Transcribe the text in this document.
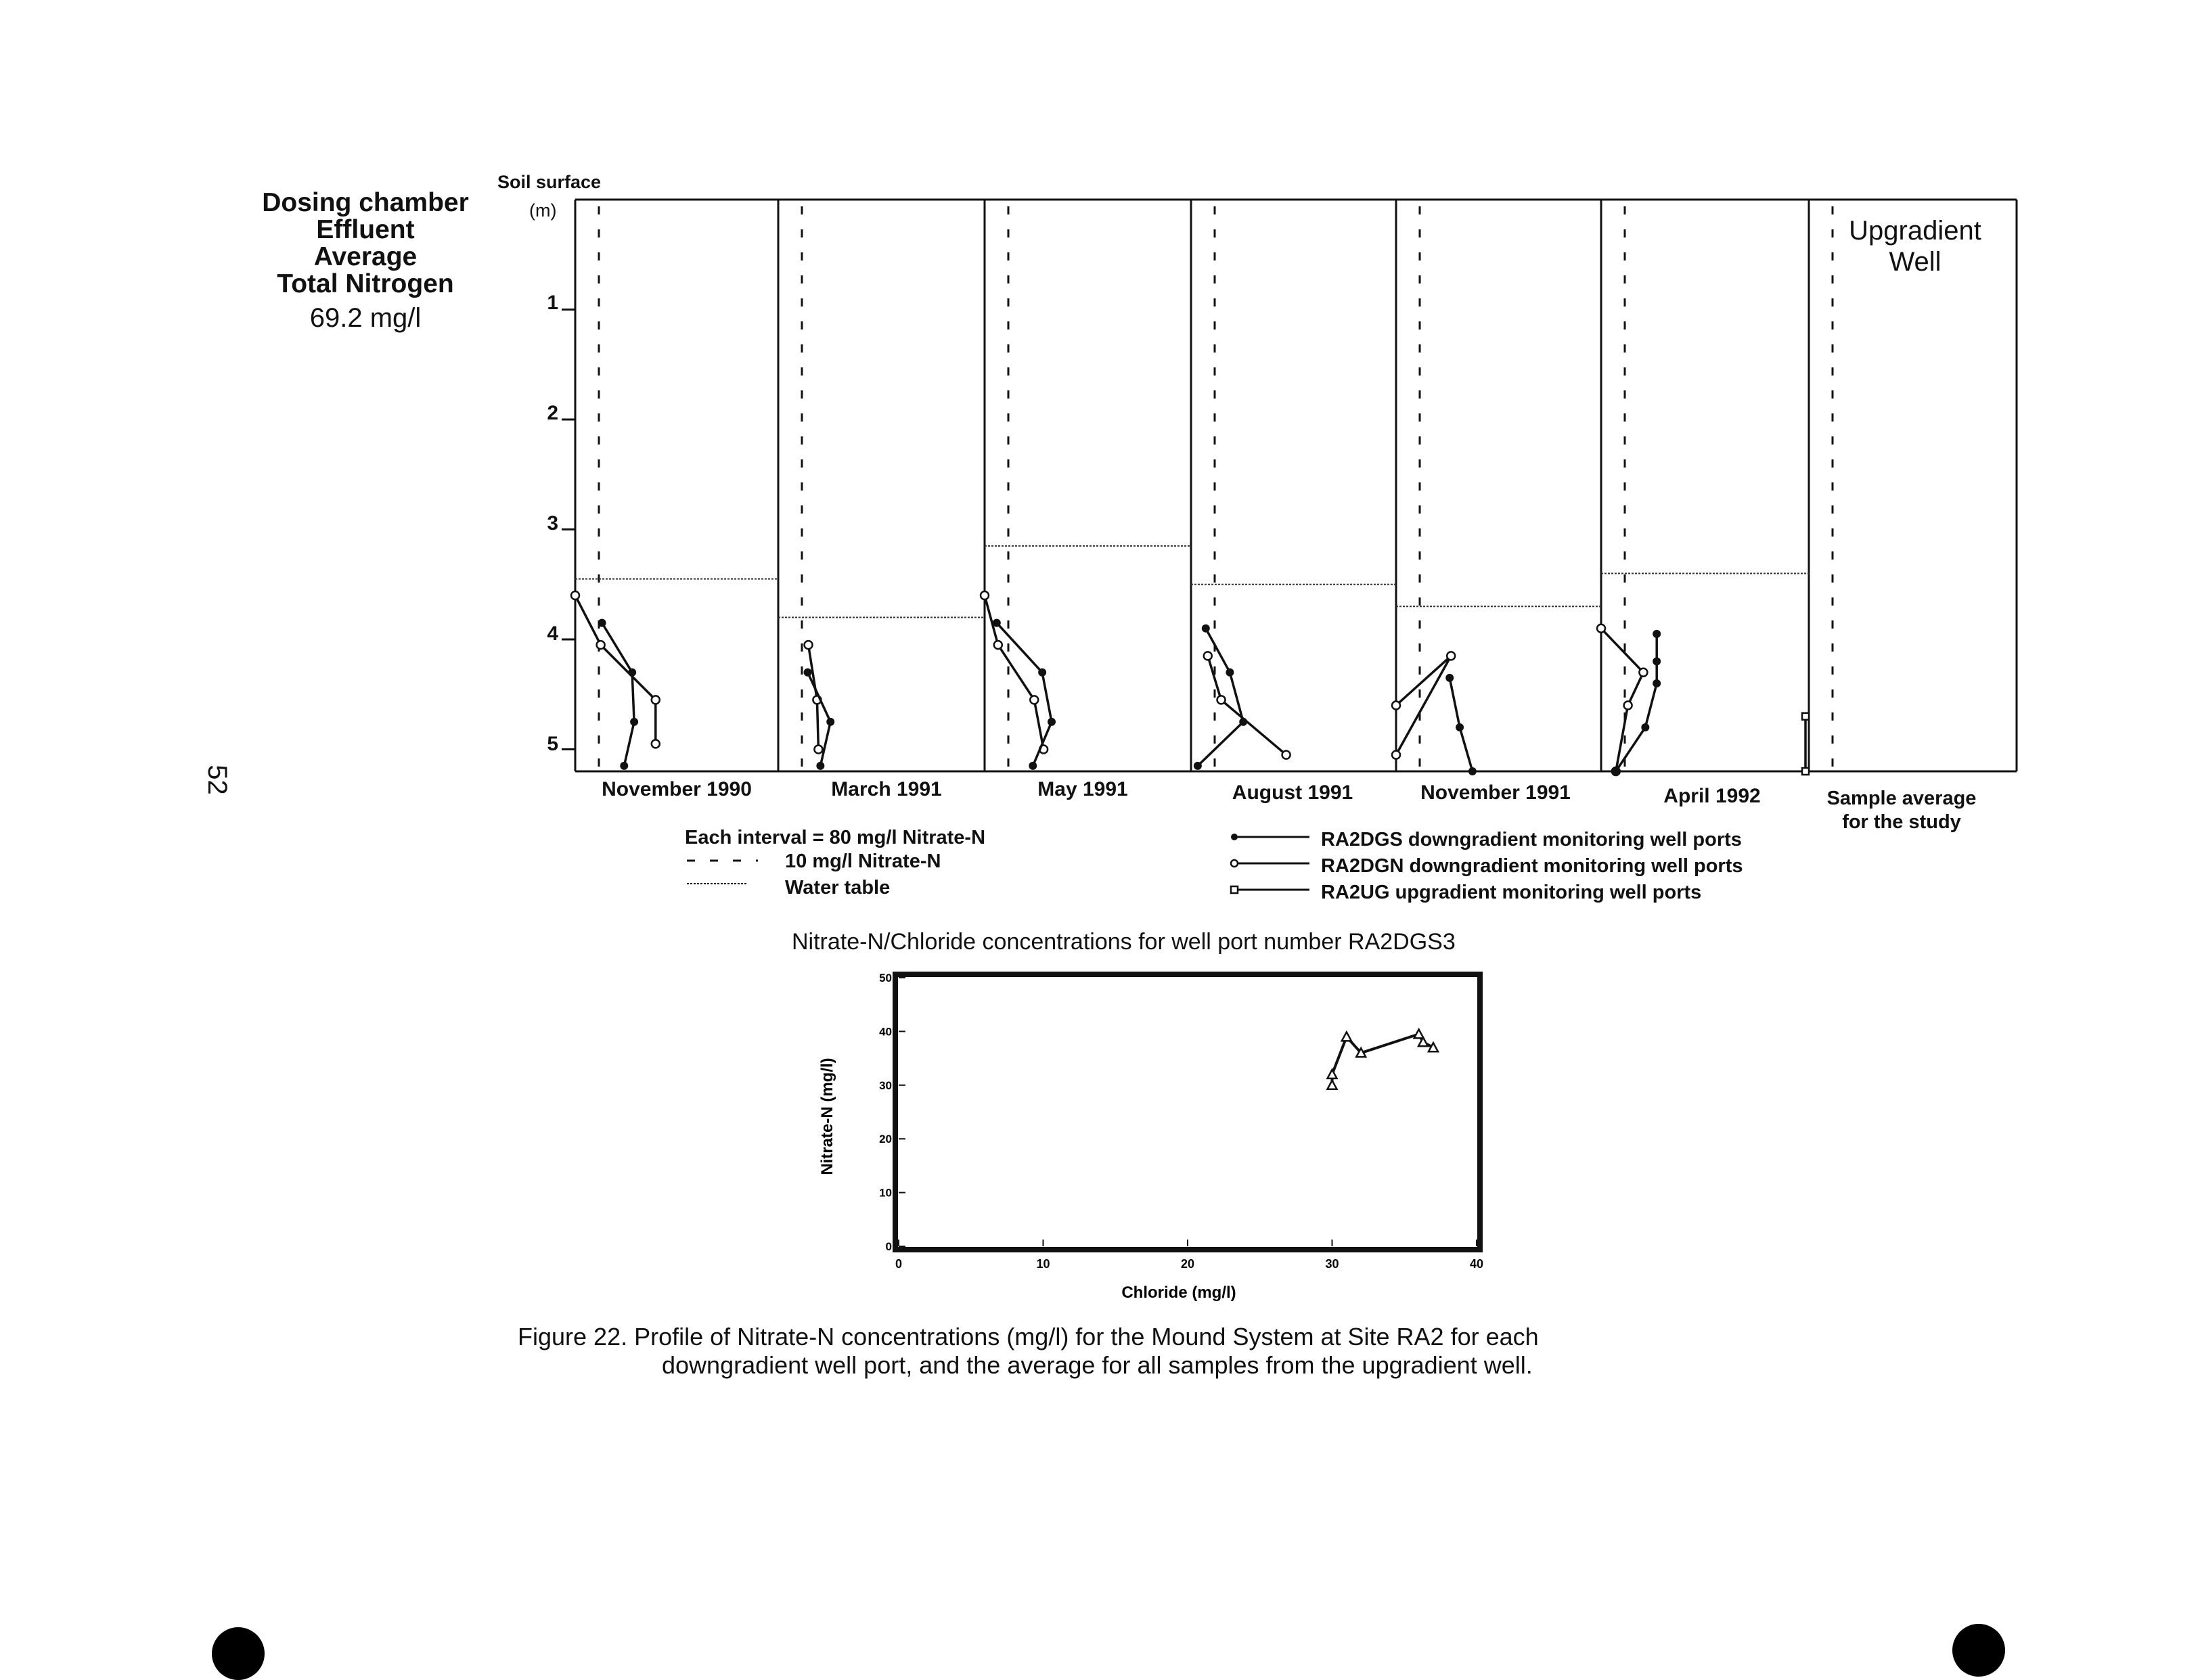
52
Dosing chamber
Effluent
Average
Total Nitrogen
69.2 mg/l
Soil surface
(m)
1
2
3
4
5
November 1990	March 1991	May 1991	August 1991	November 1991	April 1992
Upgradient
Well
Sample average
for the study
Each interval = 80 mg/l Nitrate-N
10 mg/l Nitrate-N
Water table
RA2DGS downgradient monitoring well ports
RA2DGN downgradient monitoring well ports
RA2UG upgradient monitoring well ports
Nitrate-N/Chloride concentrations for well port number RA2DGS3
0	10	20	30	40
0
10
20
30
40
50
Chloride (mg/l)
Nitrate-N (mg/l)
Figure 22. Profile of Nitrate-N concentrations (mg/l) for the Mound System at Site RA2 for each
downgradient well port, and the average for all samples from the upgradient well.
